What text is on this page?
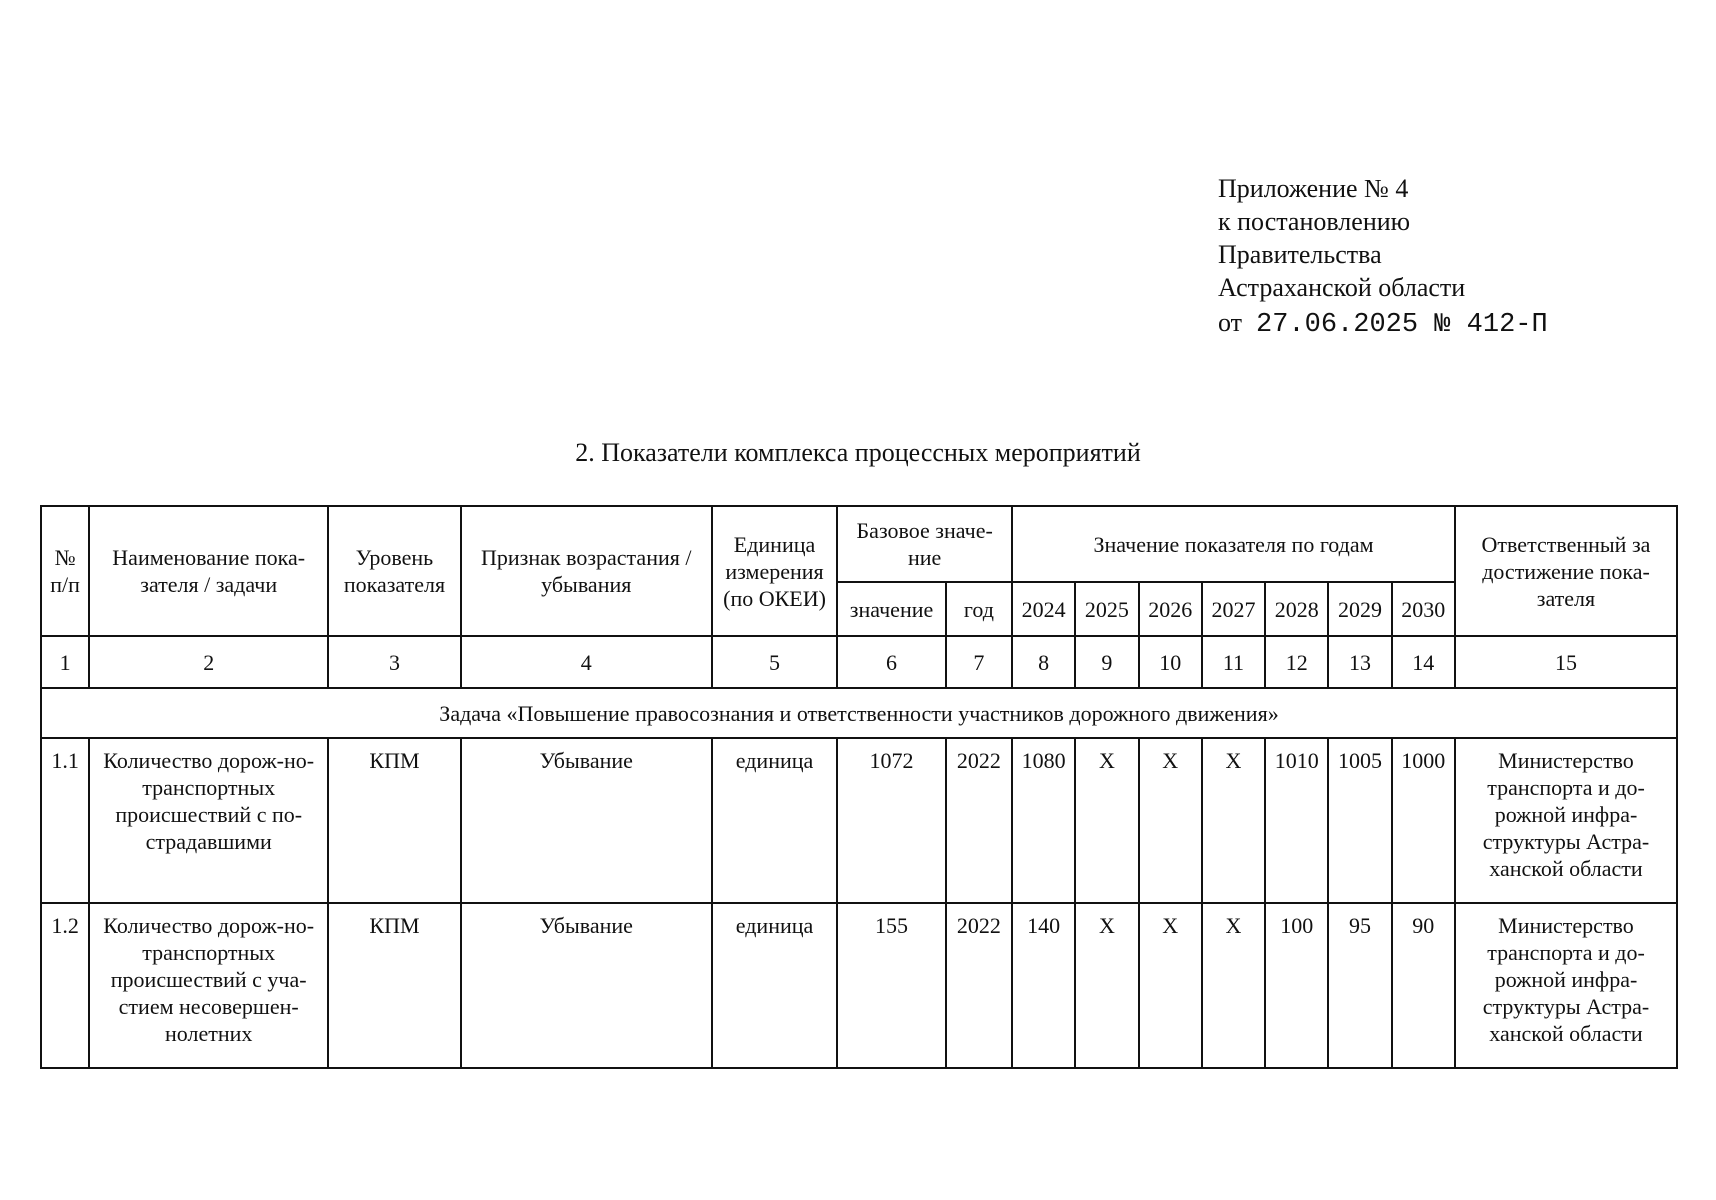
Приложение № 4
к постановлению
Правительства
Астраханской области
от 27.06.2025 № 412-П
2. Показатели комплекса процессных мероприятий
№ п/п	Наименование пока-зателя / задачи	Уровень показателя	Признак возрастания / убывания	Единица измерения (по ОКЕИ)	Базовое значе-ние		Значение показателя по годам							Ответственный за достижение пока-зателя
					значение	год	2024	2025	2026	2027	2028	2029	2030	
1	2	3	4	5	6	7	8	9	10	11	12	13	14	15
Задача «Повышение правосознания и ответственности участников дорожного движения»														
1.1	Количество дорож-но-транспортных происшествий с по-страдавшими	КПМ	Убывание	единица	1072	2022	1080	Х	Х	Х	1010	1005	1000	Министерство транспорта и до-рожной инфра-структуры Астра-ханской области
1.2	Количество дорож-но-транспортных происшествий с уча-стием несовершен-нолетних	КПМ	Убывание	единица	155	2022	140	Х	Х	Х	100	95	90	Министерство транспорта и до-рожной инфра-структуры Астра-ханской области
